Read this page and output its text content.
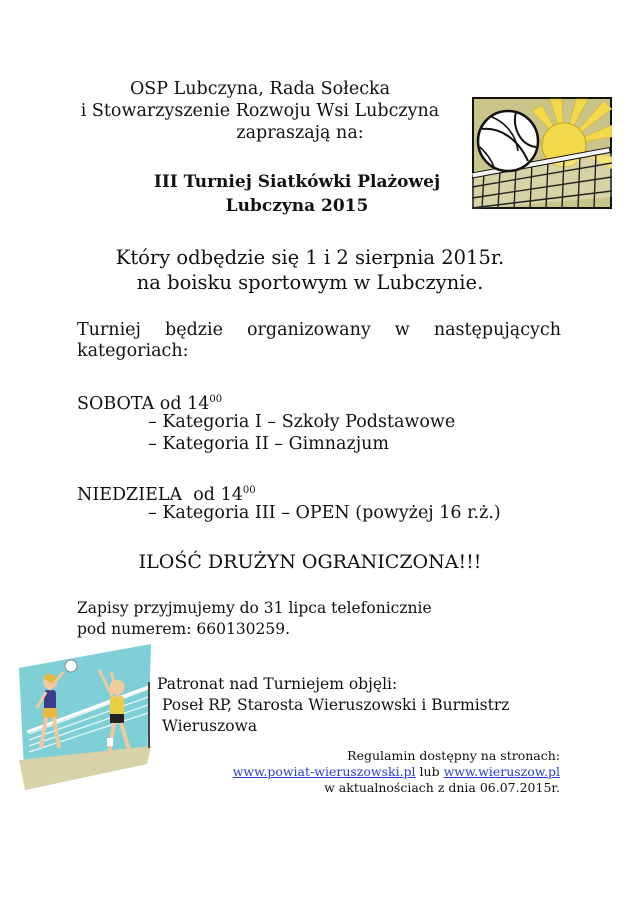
OSP Lubczyna, Rada Sołecka
i Stowarzyszenie Rozwoju Wsi Lubczyna
zapraszają na:
III Turniej Siatkówki Plażowej
Lubczyna 2015
Który odbędzie się 1 i 2 sierpnia 2015r.
na boisku sportowym w Lubczynie.
Turniej będzie organizowany w następujących
kategoriach:
SOBOTA od $14^{00}$
– Kategoria I – Szkoły Podstawowe
– Kategoria II – Gimnazjum
NIEDZIELA  od $14^{00}$
– Kategoria III – OPEN (powyżej 16 r.ż.)
ILOŚĆ DRUŻYN OGRANICZONA!!!
Zapisy przyjmujemy do 31 lipca telefonicznie
pod numerem: 660130259.
Patronat nad Turniejem objęli:
Poseł RP, Starosta Wieruszowski i Burmistrz
Wieruszowa
Regulamin dostępny na stronach:
www.powiat-wieruszowski.pl lub www.wieruszow.pl
w aktualnościach z dnia 06.07.2015r.
